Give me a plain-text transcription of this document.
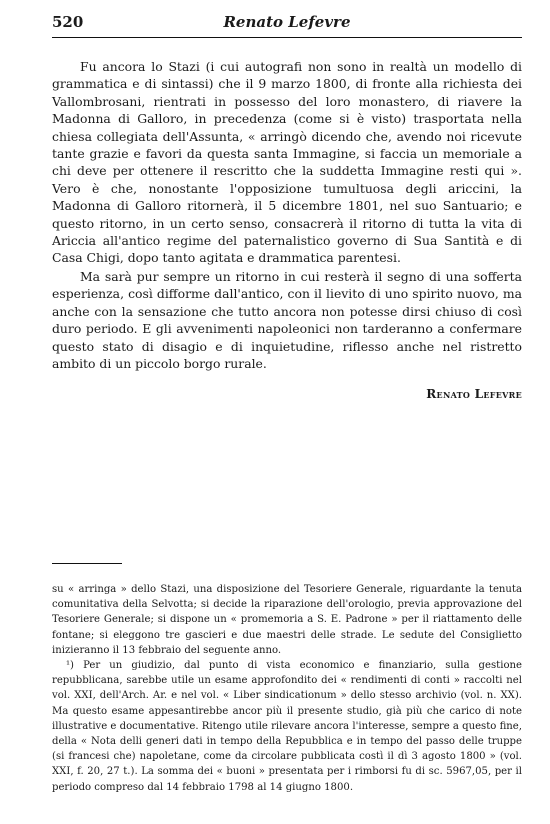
520	Renato Lefevre

Fu ancora lo Stazi (i cui autografi non sono in realtà un modello di grammatica e di sintassi) che il 9 marzo 1800, di fronte alla richiesta dei Vallombrosani, rientrati in possesso del loro monastero, di riavere la Madonna di Galloro, in precedenza (come si è visto) trasportata nella chiesa collegiata dell'Assunta, « arringò dicendo che, avendo noi ricevute tante grazie e favori da questa santa Immagine, si faccia un memoriale a chi deve per ottenere il rescritto che la suddetta Immagine resti qui ». Vero è che, nonostante l'opposizione tumultuosa degli ariccini, la Madonna di Galloro ritornerà, il 5 dicembre 1801, nel suo Santuario; e questo ritorno, in un certo senso, consacrerà il ritorno di tutta la vita di Ariccia all'antico regime del paternalistico governo di Sua Santità e di Casa Chigi, dopo tanto agitata e drammatica parentesi.

Ma sarà pur sempre un ritorno in cui resterà il segno di una sofferta esperienza, così difforme dall'antico, con il lievito di uno spirito nuovo, ma anche con la sensazione che tutto ancora non potesse dirsi chiuso di così duro periodo. E gli avvenimenti napoleonici non tarderanno a confermare questo stato di disagio e di inquietudine, riflesso anche nel ristretto ambito di un piccolo borgo rurale.

Renato Lefevre

su « arringa » dello Stazi, una disposizione del Tesoriere Generale, riguardante la tenuta comunitativa della Selvotta; si decide la riparazione dell'orologio, previa approvazione del Tesoriere Generale; si dispone un « promemoria a S. E. Padrone » per il riattamento delle fontane; si eleggono tre gascieri e due maestri delle strade. Le sedute del Consiglietto inizieranno il 13 febbraio del seguente anno.

¹) Per un giudizio, dal punto di vista economico e finanziario, sulla gestione repubblicana, sarebbe utile un esame approfondito dei « rendimenti di conti » raccolti nel vol. XXI, dell'Arch. Ar. e nel vol. « Liber sindicationum » dello stesso archivio (vol. n. XX). Ma questo esame appesantirebbe ancor più il presente studio, già più che carico di note illustrative e documentative. Ritengo utile rilevare ancora l'interesse, sempre a questo fine, della « Nota delli generi dati in tempo della Repubblica e in tempo del passo delle truppe (si francesi che) napoletane, come da circolare pubblicata costì il dì 3 agosto 1800 » (vol. XXI, f. 20, 27 t.). La somma dei « buoni » presentata per i rimborsi fu di sc. 5967,05, per il periodo compreso dal 14 febbraio 1798 al 14 giugno 1800.
